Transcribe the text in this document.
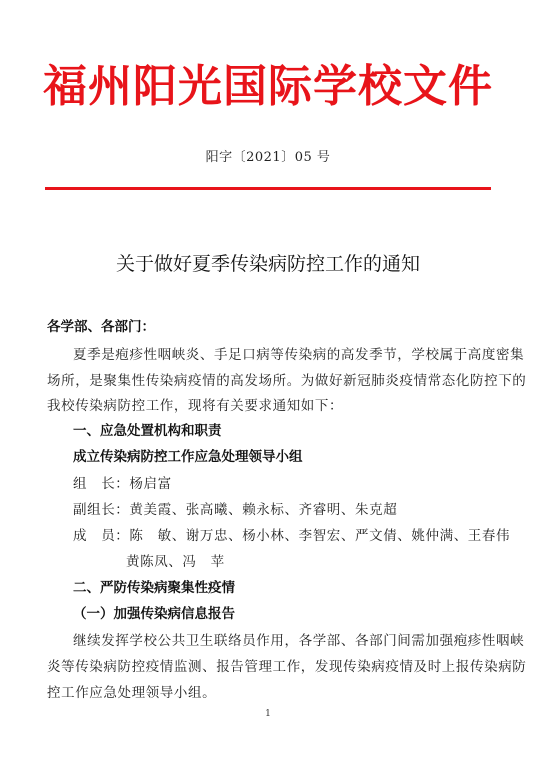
福州阳光国际学校文件
阳字〔2021〕05 号
关于做好夏季传染病防控工作的通知
各学部、各部门：
夏季是疱疹性咽峡炎、手足口病等传染病的高发季节，学校属于高度密集
场所，是聚集性传染病疫情的高发场所。为做好新冠肺炎疫情常态化防控下的
我校传染病防控工作，现将有关要求通知如下：
一、应急处置机构和职责
成立传染病防控工作应急处理领导小组
组　长：杨启富
副组长：黄美霞、张高曦、赖永标、齐睿明、朱克超
成　员：陈　敏、谢万忠、杨小林、李智宏、严文倩、姚仲满、王春伟
黄陈凤、冯　苹
二、严防传染病聚集性疫情
（一）加强传染病信息报告
继续发挥学校公共卫生联络员作用，各学部、各部门间需加强疱疹性咽峡
炎等传染病防控疫情监测、报告管理工作，发现传染病疫情及时上报传染病防
控工作应急处理领导小组。
1
